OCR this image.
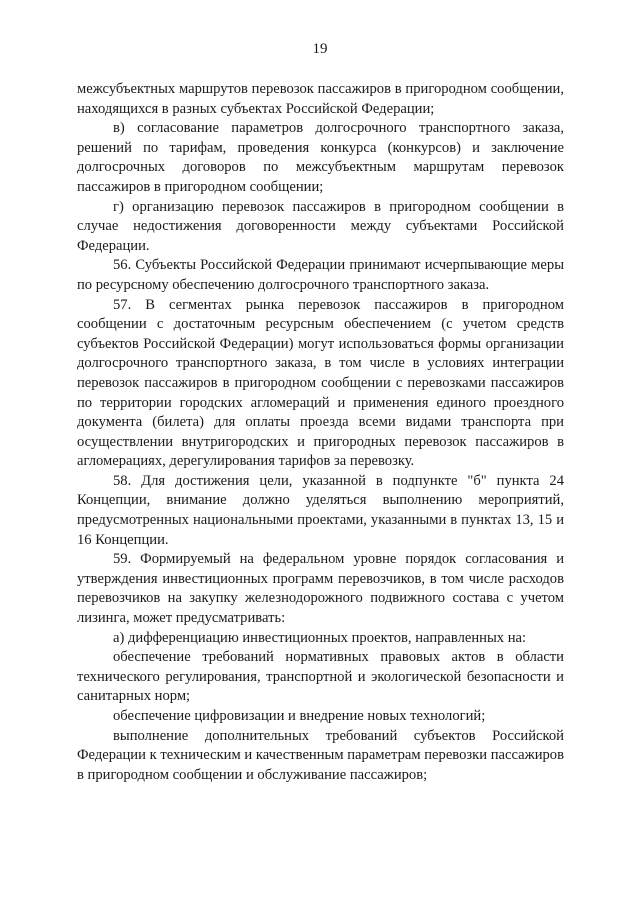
19

межсубъектных маршрутов перевозок пассажиров в пригородном сообщении, находящихся в разных субъектах Российской Федерации;

в) согласование параметров долгосрочного транспортного заказа, решений по тарифам, проведения конкурса (конкурсов) и заключение долгосрочных договоров по межсубъектным маршрутам перевозок пассажиров в пригородном сообщении;

г) организацию перевозок пассажиров в пригородном сообщении в случае недостижения договоренности между субъектами Российской Федерации.

56. Субъекты Российской Федерации принимают исчерпывающие меры по ресурсному обеспечению долгосрочного транспортного заказа.

57. В сегментах рынка перевозок пассажиров в пригородном сообщении с достаточным ресурсным обеспечением (с учетом средств субъектов Российской Федерации) могут использоваться формы организации долгосрочного транспортного заказа, в том числе в условиях интеграции перевозок пассажиров в пригородном сообщении с перевозками пассажиров по территории городских агломераций и применения единого проездного документа (билета) для оплаты проезда всеми видами транспорта при осуществлении внутригородских и пригородных перевозок пассажиров в агломерациях, дерегулирования тарифов за перевозку.

58. Для достижения цели, указанной в подпункте "б" пункта 24 Концепции, внимание должно уделяться выполнению мероприятий, предусмотренных национальными проектами, указанными в пунктах 13, 15 и 16 Концепции.

59. Формируемый на федеральном уровне порядок согласования и утверждения инвестиционных программ перевозчиков, в том числе расходов перевозчиков на закупку железнодорожного подвижного состава с учетом лизинга, может предусматривать:

а) дифференциацию инвестиционных проектов, направленных на:

обеспечение требований нормативных правовых актов в области технического регулирования, транспортной и экологической безопасности и санитарных норм;

обеспечение цифровизации и внедрение новых технологий;

выполнение дополнительных требований субъектов Российской Федерации к техническим и качественным параметрам перевозки пассажиров в пригородном сообщении и обслуживание пассажиров;
